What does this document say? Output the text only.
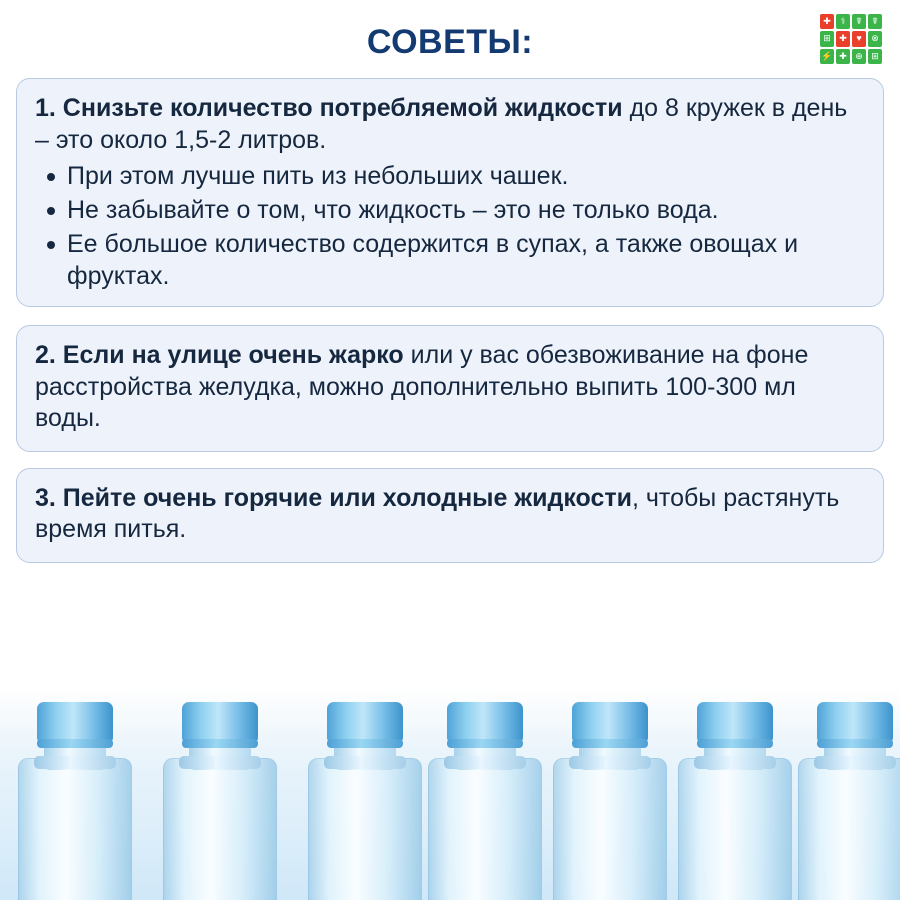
СОВЕТЫ:
✚	⚕	☤	☤
⊞ ✚	♥	⊗
⚡ ✚ ⊕ ⊞

1. Снизьте количество потребляемой жидкости до 8 кружек в день – это около 1,5-2 литров.

При этом лучше пить из небольших чашек.
Не забывайте о том, что жидкость – это не только вода.
Ее большое количество содержится в супах, а также овощах и фруктах.

2. Если на улице очень жарко или у вас обезвоживание на фоне расстройства желудка, можно дополнительно выпить 100-300 мл воды.

3. Пейте очень горячие или холодные жидкости, чтобы растянуть время питья.
